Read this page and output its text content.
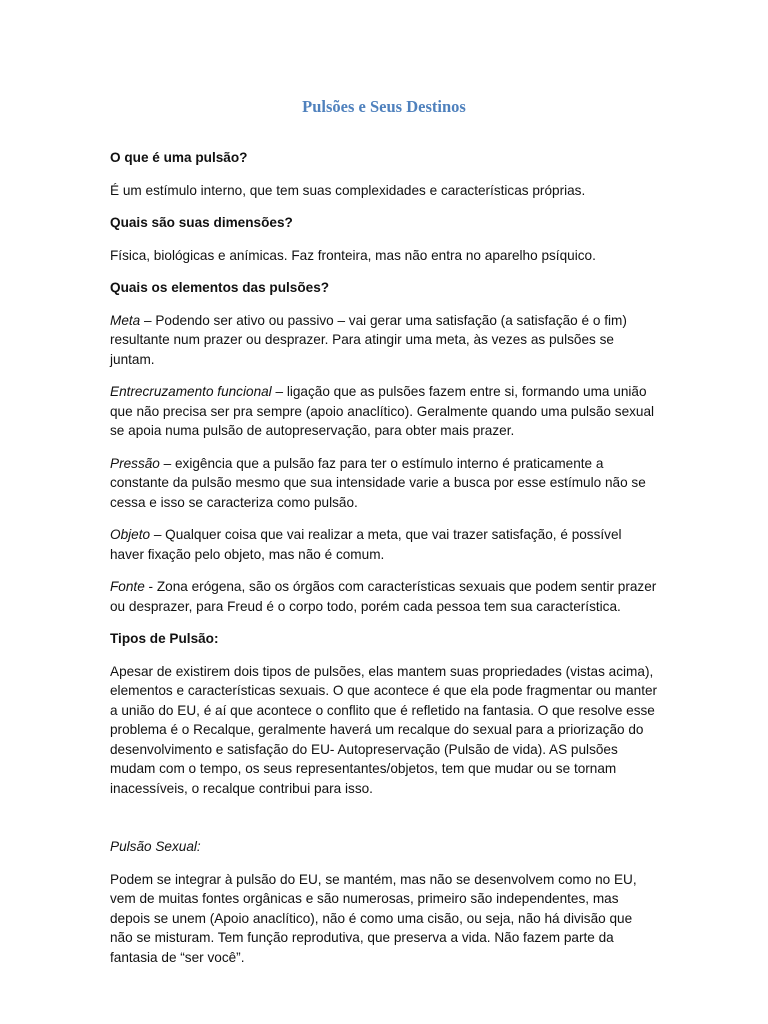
Pulsões e Seus Destinos

O que é uma pulsão?

É um estímulo interno, que tem suas complexidades e características próprias.

Quais são suas dimensões?

Física, biológicas e anímicas. Faz fronteira, mas não entra no aparelho psíquico.

Quais os elementos das pulsões?

Meta – Podendo ser ativo ou passivo – vai gerar uma satisfação (a satisfação é o fim) resultante num prazer ou desprazer. Para atingir uma meta, às vezes as pulsões se juntam.

Entrecruzamento funcional – ligação que as pulsões fazem entre si, formando uma união que não precisa ser pra sempre (apoio anaclítico). Geralmente quando uma pulsão sexual se apoia numa pulsão de autopreservação, para obter mais prazer.

Pressão – exigência que a pulsão faz para ter o estímulo interno é praticamente a constante da pulsão mesmo que sua intensidade varie a busca por esse estímulo não se cessa e isso se caracteriza como pulsão.

Objeto – Qualquer coisa que vai realizar a meta, que vai trazer satisfação, é possível haver fixação pelo objeto, mas não é comum.

Fonte - Zona erógena, são os órgãos com características sexuais que podem sentir prazer ou desprazer, para Freud é o corpo todo, porém cada pessoa tem sua característica.

Tipos de Pulsão:

Apesar de existirem dois tipos de pulsões, elas mantem suas propriedades (vistas acima), elementos e características sexuais. O que acontece é que ela pode fragmentar ou manter a união do EU, é aí que acontece o conflito que é refletido na fantasia. O que resolve esse problema é o Recalque, geralmente haverá um recalque do sexual para a priorização do desenvolvimento e satisfação do EU- Autopreservação (Pulsão de vida). AS pulsões mudam com o tempo, os seus representantes/objetos, tem que mudar ou se tornam inacessíveis, o recalque contribui para isso.

Pulsão Sexual:

Podem se integrar à pulsão do EU, se mantém, mas não se desenvolvem como no EU, vem de muitas fontes orgânicas e são numerosas, primeiro são independentes, mas depois se unem (Apoio anaclítico), não é como uma cisão, ou seja, não há divisão que não se misturam. Tem função reprodutiva, que preserva a vida. Não fazem parte da fantasia de “ser você”.
